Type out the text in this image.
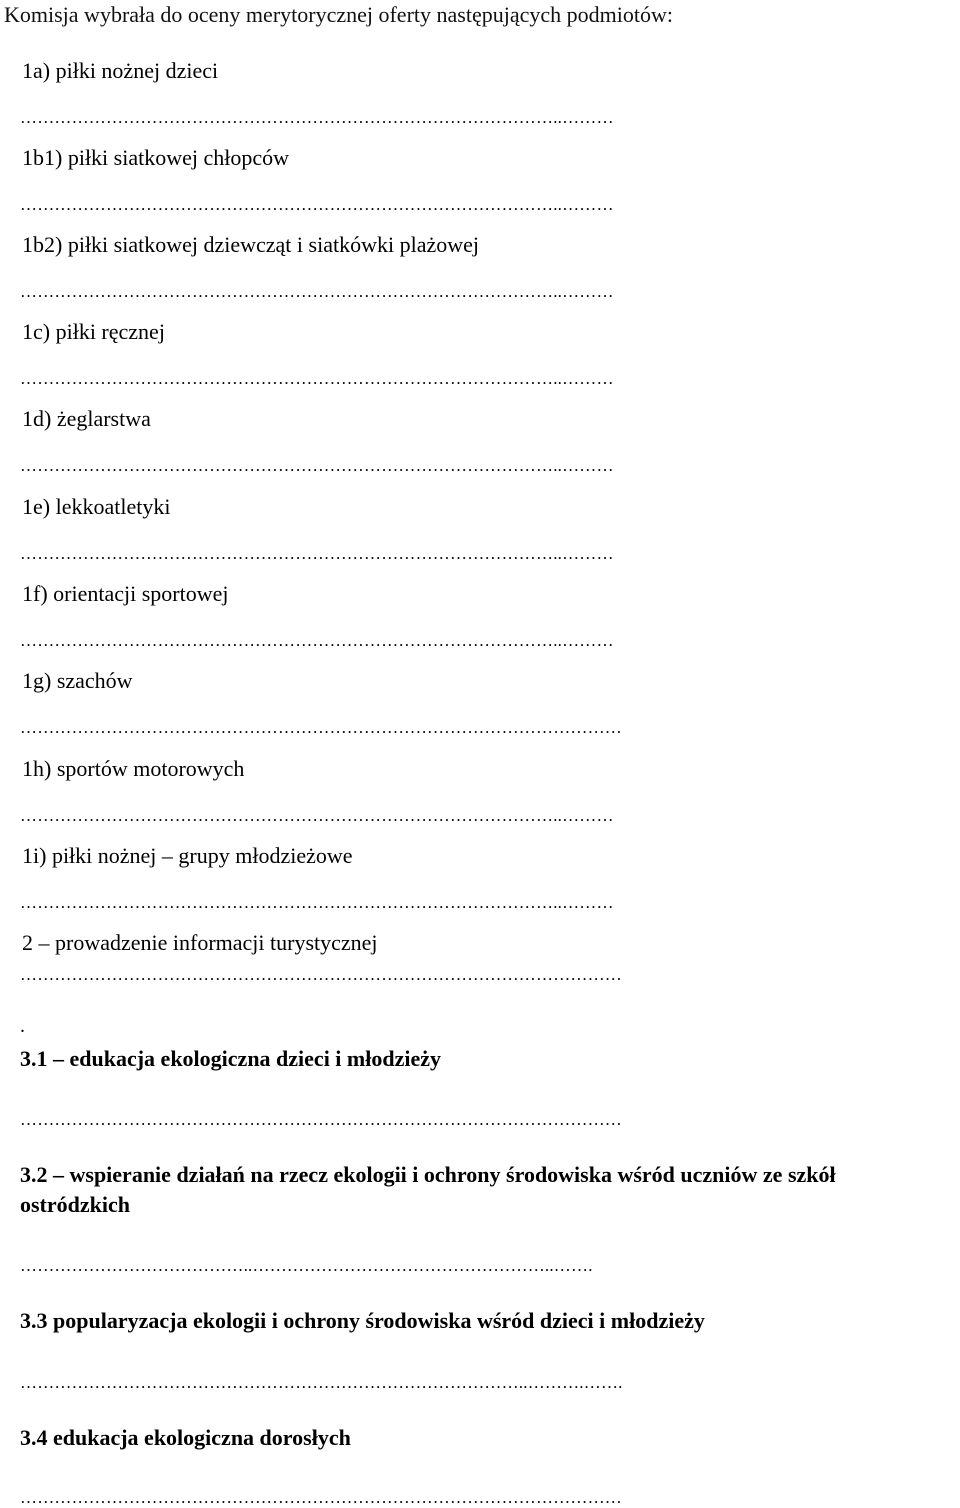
Komisja wybrała do oceny merytorycznej oferty następujących podmiotów:
1a) piłki nożnej dzieci
…………………………………………………………………………………..………
1b1) piłki siatkowej chłopców
…………………………………………………………………………………..………
1b2) piłki siatkowej dziewcząt i siatkówki plażowej
…………………………………………………………………………………..………
1c) piłki ręcznej
…………………………………………………………………………………..………
1d) żeglarstwa
…………………………………………………………………………………..………
1e) lekkoatletyki
…………………………………………………………………………………..………
1f) orientacji sportowej
…………………………………………………………………………………..………
1g) szachów
……………………………………………………………………………………………
1h) sportów motorowych
…………………………………………………………………………………..………
1i) piłki nożnej – grupy młodzieżowe
…………………………………………………………………………………..………
2 – prowadzenie informacji turystycznej
……………………………………………………………………………………………
.
3.1 – edukacja ekologiczna dzieci i młodzieży
……………………………………………………………………………………………
3.2 – wspieranie działań na rzecz ekologii i ochrony środowiska wśród uczniów ze szkół
ostródzkich
…………………………………..……………………………………………..…….
3.3 popularyzacja ekologii i ochrony środowiska wśród dzieci i młodzieży
……………………………………………………………………………..……….…….
3.4 edukacja ekologiczna dorosłych
……………………………………………………………………………………………
